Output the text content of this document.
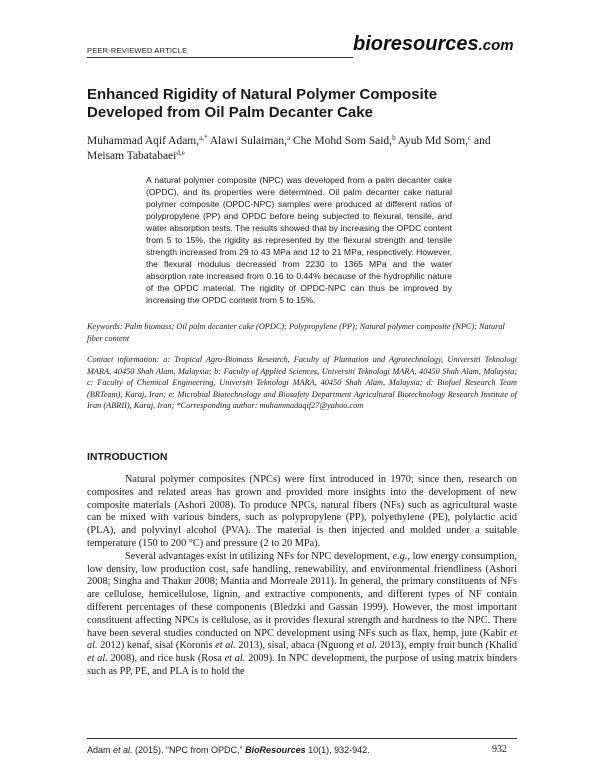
PEER-REVIEWED ARTICLE	bioresources.com
Enhanced Rigidity of Natural Polymer Composite
Developed from Oil Palm Decanter Cake
Muhammad Aqif Adam,$^{a,*}$ Alawi Sulaiman,$^a$ Che Mohd Som Said,$^b$ Ayub Md Som,$^c$ and
Meisam Tabatabaei$^{d,e}$
A natural polymer composite (NPC) was developed from a palm decanter cake (OPDC), and its properties were determined. Oil palm decanter cake natural polymer composite (OPDC-NPC) samples were produced at different ratios of polypropylene (PP) and OPDC before being subjected to flexural, tensile, and water absorption tests. The results showed that by increasing the OPDC content from 5 to 15%, the rigidity as represented by the flexural strength and tensile strength increased from 29 to 43 MPa and 12 to 21 MPa, respectively. However, the flexural modulus decreased from 2230 to 1365 MPa and the water absorption rate increased from 0.16 to 0.44% because of the hydrophilic nature of the OPDC material. The rigidity of OPDC-NPC can thus be improved by increasing the OPDC content from 5 to 15%.
Keywords: Palm biomass; Oil palm decanter cake (OPDC); Polypropylene (PP); Natural polymer composite (NPC); Natural fiber content
Contact information: a: Tropical Agro-Biomass Research, Faculty of Plantation and Agrotechnology, Universiti Teknologi MARA, 40450 Shah Alam, Malaysia; b: Faculty of Applied Sciences, Universiti Teknologi MARA, 40450 Shah Alam, Malaysia; c: Faculty of Chemical Engineering, Universiti Teknologi MARA, 40450 Shah Alam, Malaysia; d: Biofuel Research Team (BRTeam), Karaj, Iran; e: Microbial Biotechnology and Biosafety Department Agricultural Biotechnology Research Institute of Iran (ABRII), Karaj, Iran; *Corresponding author: muhammadaqif27@yahoo.com
INTRODUCTION

Natural polymer composites (NPCs) were first introduced in 1970; since then, research on composites and related areas has grown and provided more insights into the development of new composite materials (Ashori 2008). To produce NPCs, natural fibers (NFs) such as agricultural waste can be mixed with various binders, such as polypropylene (PP), polyethylene (PE), polylactic acid (PLA), and polyvinyl alcohol (PVA). The material is then injected and molded under a suitable temperature (150 to 200 °C) and pressure (2 to 20 MPa).

Several advantages exist in utilizing NFs for NPC development, e.g., low energy consumption, low density, low production cost, safe handling, renewability, and environmental friendliness (Ashori 2008; Singha and Thakur 2008; Mantia and Morreale 2011). In general, the primary constituents of NFs are cellulose, hemicellulose, lignin, and extractive components, and different types of NF contain different percentages of these components (Bledzki and Gassan 1999). However, the most important constituent affecting NPCs is cellulose, as it provides flexural strength and hardness to the NPC. There have been several studies conducted on NPC development using NFs such as flax, hemp, jute (Kabir et al. 2012) kenaf, sisal (Koronis et al. 2013), sisal, abaca (Nguong et al. 2013), empty fruit bunch (Khalid et al. 2008), and rice husk (Rosa et al. 2009). In NPC development, the purpose of using matrix binders such as PP, PE, and PLA is to hold the

Adam et al. (2015). “NPC from OPDC,” BioResources 10(1), 932-942.	932
